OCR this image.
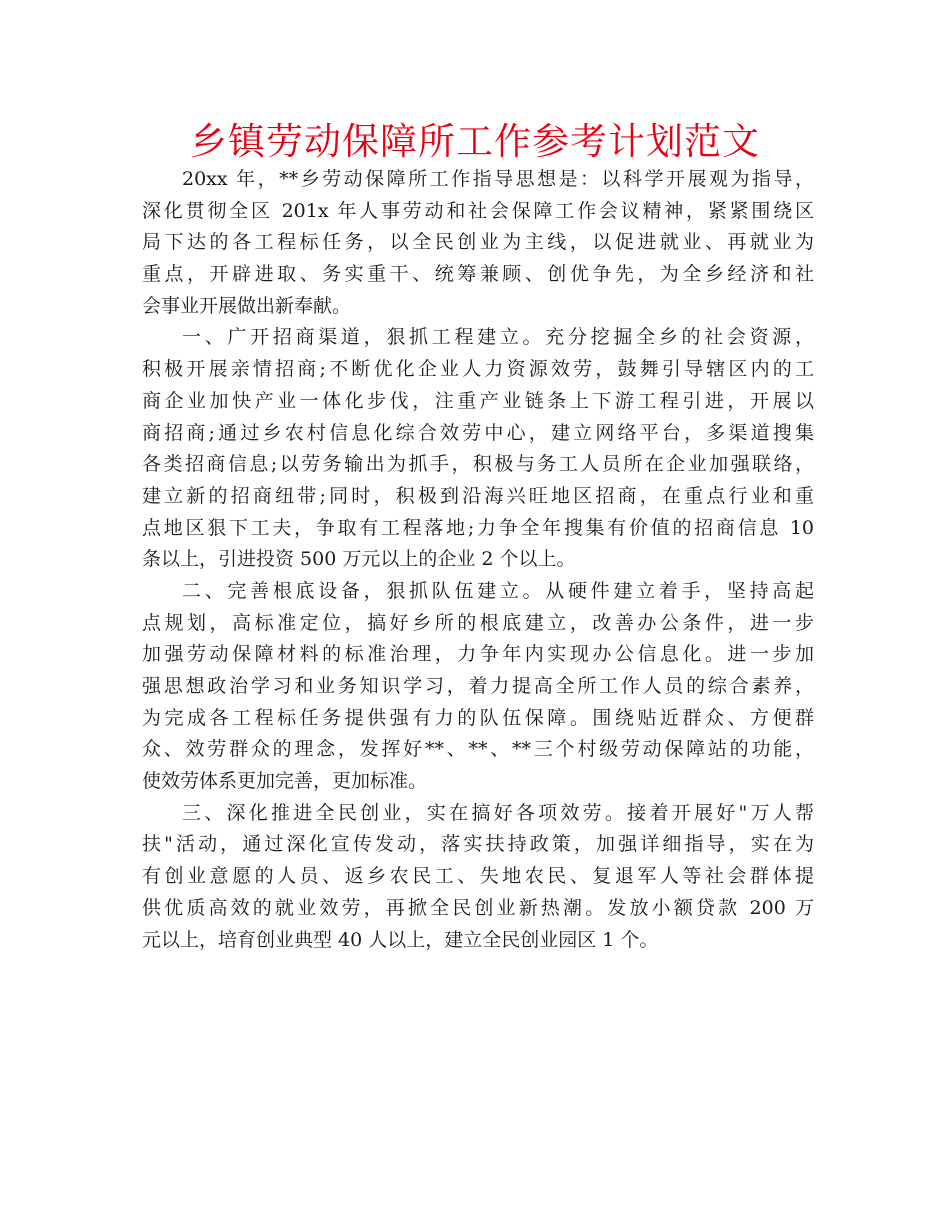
乡镇劳动保障所工作参考计划范文
20xx 年，**乡劳动保障所工作指导思想是：以科学开展观为指导，
深化贯彻全区 201x 年人事劳动和社会保障工作会议精神，紧紧围绕区
局下达的各工程标任务，以全民创业为主线，以促进就业、再就业为
重点，开辟进取、务实重干、统筹兼顾、创优争先，为全乡经济和社
会事业开展做出新奉献。
一、广开招商渠道，狠抓工程建立。充分挖掘全乡的社会资源，
积极开展亲情招商;不断优化企业人力资源效劳，鼓舞引导辖区内的工
商企业加快产业一体化步伐，注重产业链条上下游工程引进，开展以
商招商;通过乡农村信息化综合效劳中心，建立网络平台，多渠道搜集
各类招商信息;以劳务输出为抓手，积极与务工人员所在企业加强联络，
建立新的招商纽带;同时，积极到沿海兴旺地区招商，在重点行业和重
点地区狠下工夫，争取有工程落地;力争全年搜集有价值的招商信息 10
条以上，引进投资 500 万元以上的企业 2 个以上。
二、完善根底设备，狠抓队伍建立。从硬件建立着手，坚持高起
点规划，高标准定位，搞好乡所的根底建立，改善办公条件，进一步
加强劳动保障材料的标准治理，力争年内实现办公信息化。进一步加
强思想政治学习和业务知识学习，着力提高全所工作人员的综合素养，
为完成各工程标任务提供强有力的队伍保障。围绕贴近群众、方便群
众、效劳群众的理念，发挥好**、**、**三个村级劳动保障站的功能，
使效劳体系更加完善，更加标准。
三、深化推进全民创业，实在搞好各项效劳。接着开展好"万人帮
扶"活动，通过深化宣传发动，落实扶持政策，加强详细指导，实在为
有创业意愿的人员、返乡农民工、失地农民、复退军人等社会群体提
供优质高效的就业效劳，再掀全民创业新热潮。发放小额贷款 200 万
元以上，培育创业典型 40 人以上，建立全民创业园区 1 个。
